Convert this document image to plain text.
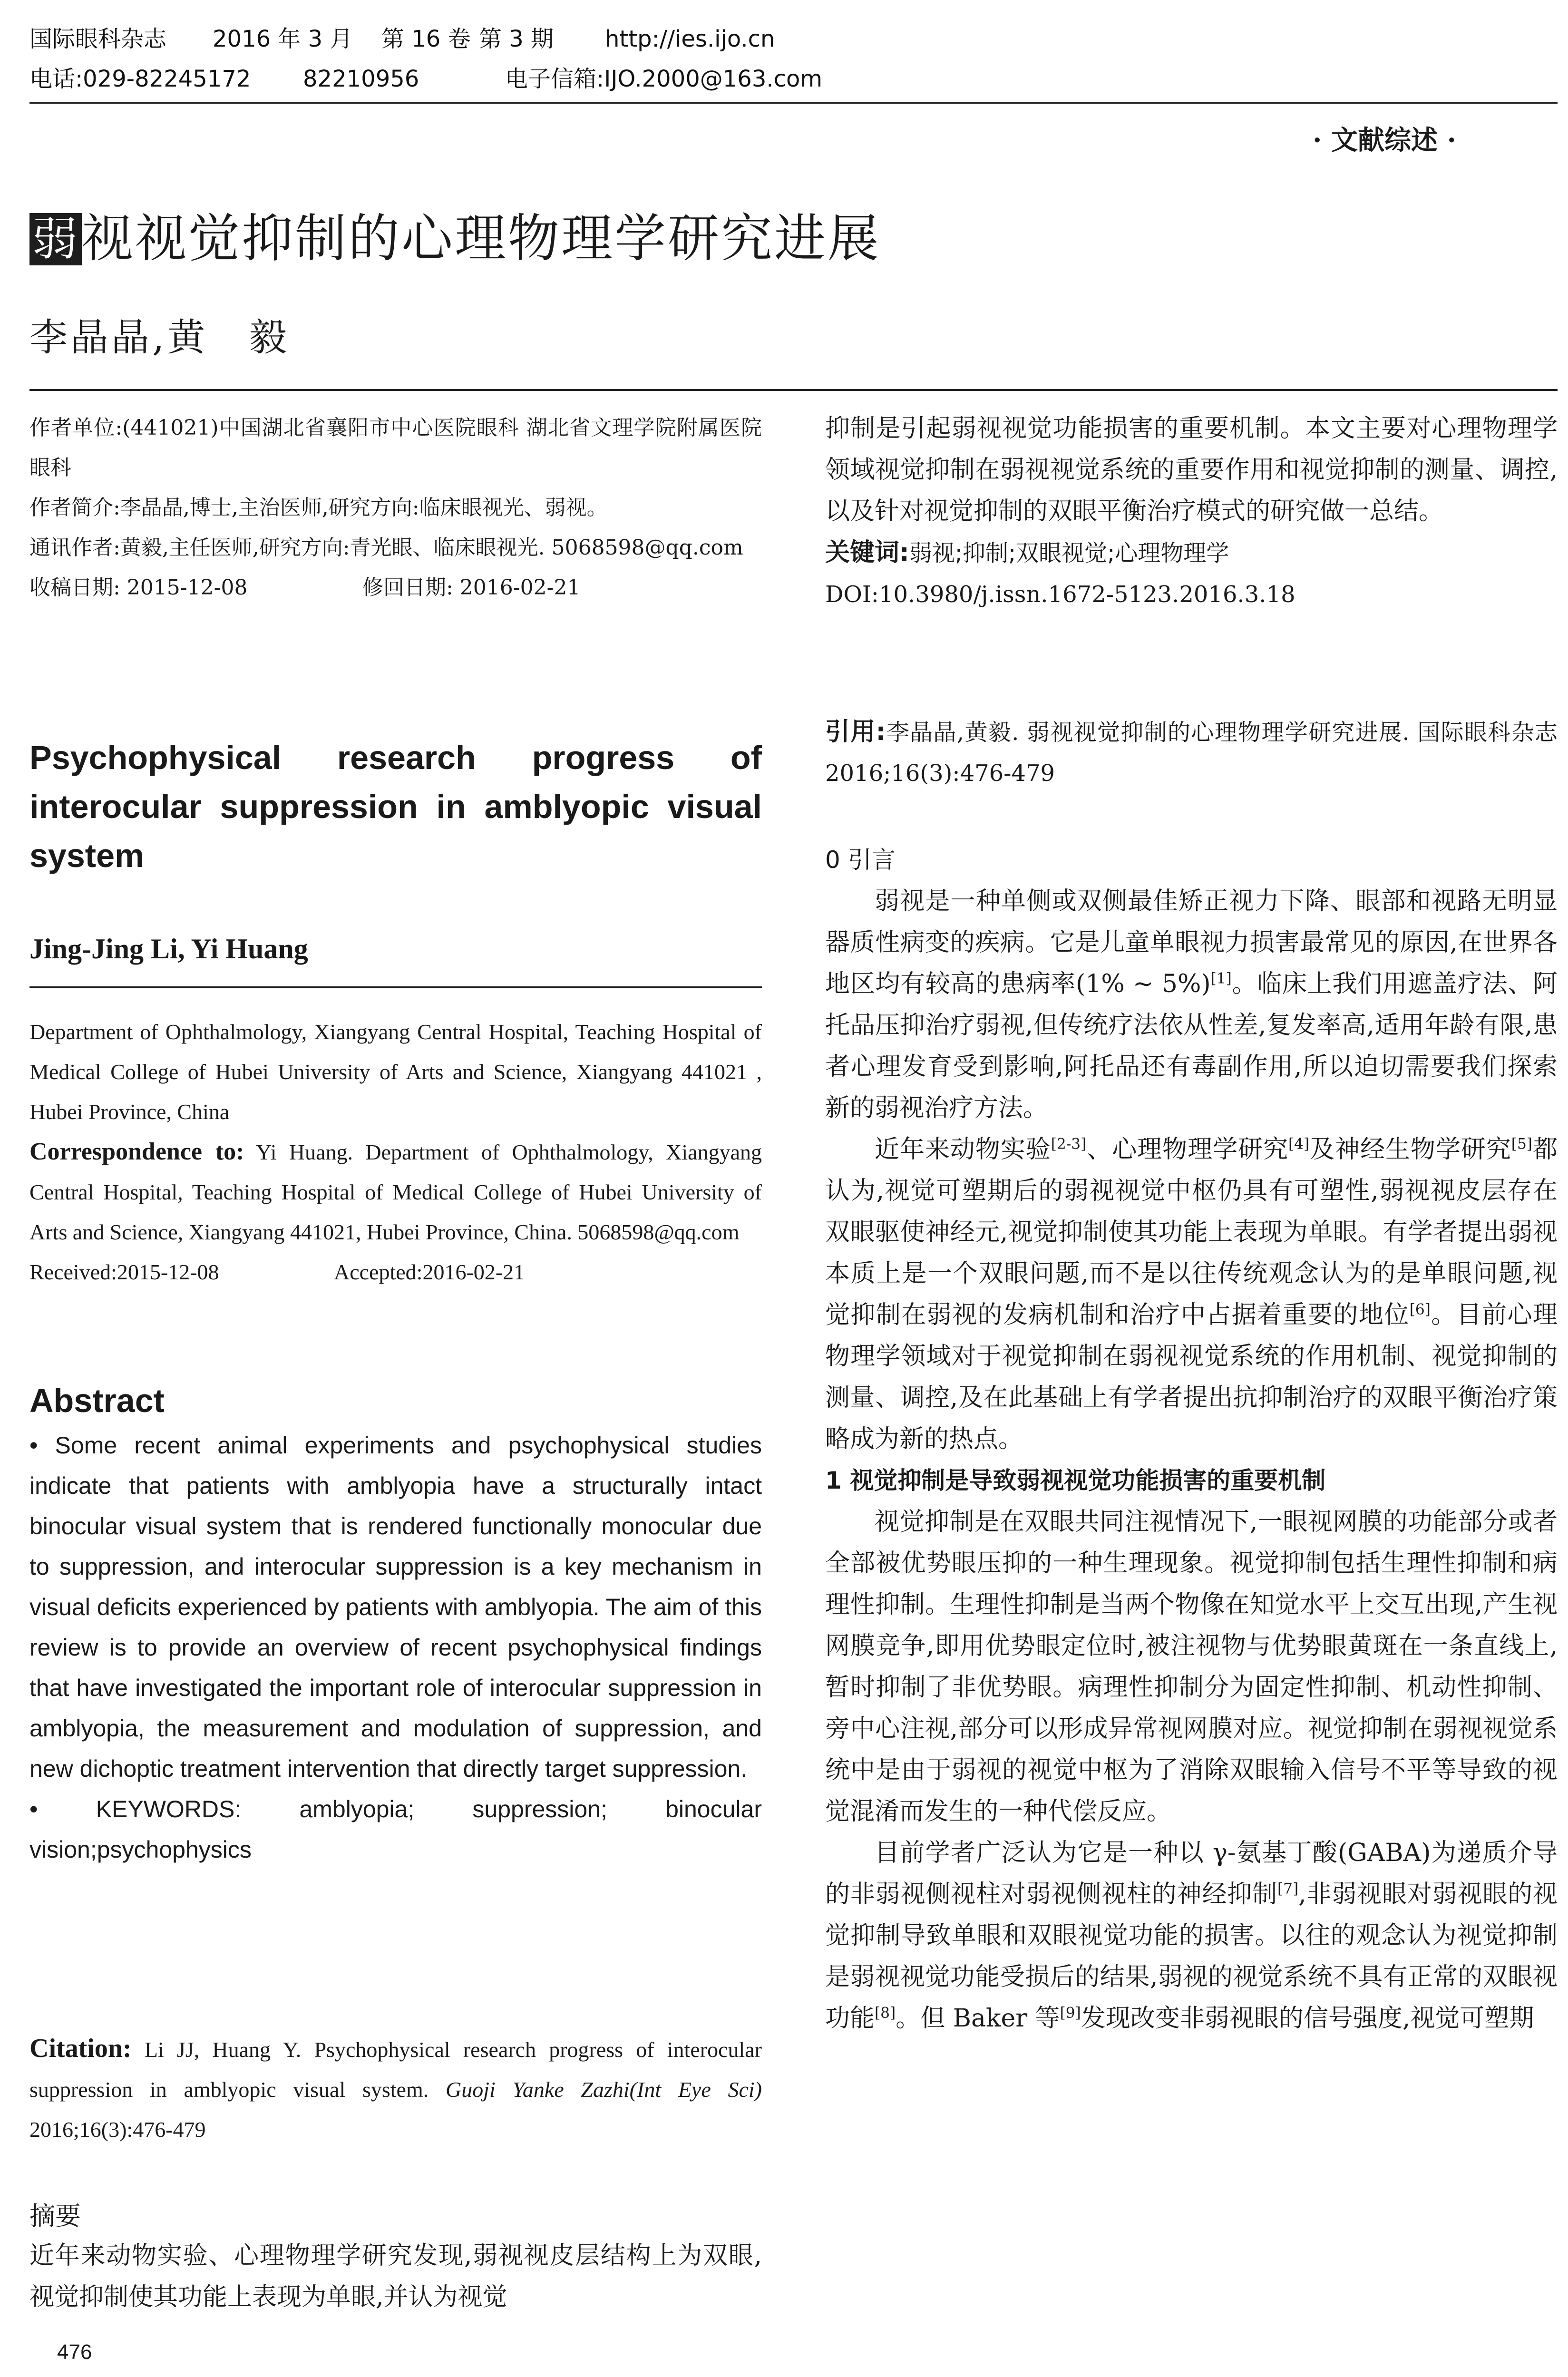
国际眼科杂志 2016 年 3 月 第 16 卷 第 3 期 http://ies.ijo.cn
电话:029-82245172 82210956	电子信箱:IJO.2000@163.com
· 文献综述 ·
弱视视觉抑制的心理物理学研究进展
李晶晶,黄　毅

作者单位:(441021)中国湖北省襄阳市中心医院眼科 湖北省文理学院附属医院眼科

作者简介:李晶晶,博士,主治医师,研究方向:临床眼视光、弱视。

通讯作者:黄毅,主任医师,研究方向:青光眼、临床眼视光. 5068598@qq.com

收稿日期: 2015-12-08	修回日期: 2016-02-21

Psychophysical research progress of interocular suppression in amblyopic visual system
Jing-Jing Li, Yi Huang

Department of Ophthalmology, Xiangyang Central Hospital, Teaching Hospital of Medical College of Hubei University of Arts and Science, Xiangyang 441021 , Hubei Province, China

Correspondence to: Yi Huang. Department of Ophthalmology, Xiangyang Central Hospital, Teaching Hospital of Medical College of Hubei University of Arts and Science, Xiangyang 441021, Hubei Province, China. 5068598@qq.com

Received:2015-12-08	Accepted:2016-02-21

Abstract

• Some recent animal experiments and psychophysical studies indicate that patients with amblyopia have a structurally intact binocular visual system that is rendered functionally monocular due to suppression, and interocular suppression is a key mechanism in visual deficits experienced by patients with amblyopia. The aim of this review is to provide an overview of recent psychophysical findings that have investigated the important role of interocular suppression in amblyopia, the measurement and modulation of suppression, and new dichoptic treatment intervention that directly target suppression.

• KEYWORDS: amblyopia; suppression; binocular vision;psychophysics

Citation: Li JJ, Huang Y. Psychophysical research progress of interocular suppression in amblyopic visual system. Guoji Yanke Zazhi(Int Eye Sci) 2016;16(3):476-479

摘要
近年来动物实验、心理物理学研究发现,弱视视皮层结构上为双眼,视觉抑制使其功能上表现为单眼,并认为视觉
476

抑制是引起弱视视觉功能损害的重要机制。本文主要对心理物理学领域视觉抑制在弱视视觉系统的重要作用和视觉抑制的测量、调控,以及针对视觉抑制的双眼平衡治疗模式的研究做一总结。

关键词:弱视;抑制;双眼视觉;心理物理学

DOI:10.3980/j.issn.1672-5123.2016.3.18

引用:李晶晶,黄毅. 弱视视觉抑制的心理物理学研究进展. 国际眼科杂志 2016;16(3):476-479
0 引言

弱视是一种单侧或双侧最佳矫正视力下降、眼部和视路无明显器质性病变的疾病。它是儿童单眼视力损害最常见的原因,在世界各地区均有较高的患病率(1% ~ 5%)[1]。临床上我们用遮盖疗法、阿托品压抑治疗弱视,但传统疗法依从性差,复发率高,适用年龄有限,患者心理发育受到影响,阿托品还有毒副作用,所以迫切需要我们探索新的弱视治疗方法。

近年来动物实验[2-3]、心理物理学研究[4]及神经生物学研究[5]都认为,视觉可塑期后的弱视视觉中枢仍具有可塑性,弱视视皮层存在双眼驱使神经元,视觉抑制使其功能上表现为单眼。有学者提出弱视本质上是一个双眼问题,而不是以往传统观念认为的是单眼问题,视觉抑制在弱视的发病机制和治疗中占据着重要的地位[6]。目前心理物理学领域对于视觉抑制在弱视视觉系统的作用机制、视觉抑制的测量、调控,及在此基础上有学者提出抗抑制治疗的双眼平衡治疗策略成为新的热点。

1 视觉抑制是导致弱视视觉功能损害的重要机制

视觉抑制是在双眼共同注视情况下,一眼视网膜的功能部分或者全部被优势眼压抑的一种生理现象。视觉抑制包括生理性抑制和病理性抑制。生理性抑制是当两个物像在知觉水平上交互出现,产生视网膜竞争,即用优势眼定位时,被注视物与优势眼黄斑在一条直线上,暂时抑制了非优势眼。病理性抑制分为固定性抑制、机动性抑制、旁中心注视,部分可以形成异常视网膜对应。视觉抑制在弱视视觉系统中是由于弱视的视觉中枢为了消除双眼输入信号不平等导致的视觉混淆而发生的一种代偿反应。

目前学者广泛认为它是一种以 γ-氨基丁酸(GABA)为递质介导的非弱视侧视柱对弱视侧视柱的神经抑制[7],非弱视眼对弱视眼的视觉抑制导致单眼和双眼视觉功能的损害。以往的观念认为视觉抑制是弱视视觉功能受损后的结果,弱视的视觉系统不具有正常的双眼视功能[8]。但 Baker 等[9]发现改变非弱视眼的信号强度,视觉可塑期
